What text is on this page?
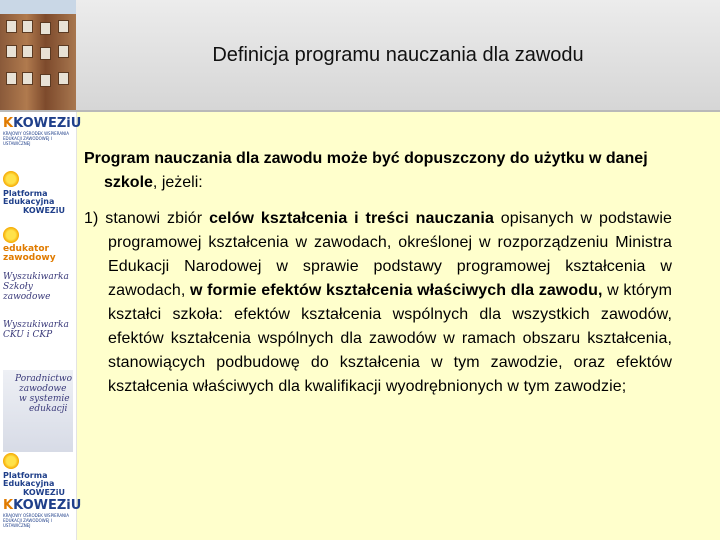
Definicja programu nauczania dla zawodu
KKOWEZiU
KRAJOWY OŚRODEK WSPIERANIA EDUKACJI ZAWODOWEJ I USTAWICZNEJ
Platforma
Edukacyjna
KOWEZiU
edukator
zawodowy
Wyszukiwarka
Szkoły zawodowe
Wyszukiwarka
CKU i CKP
Poradnictwo
zawodowe
w systemie
edukacji
Platforma
Edukacyjna
KOWEZiU
KKOWEZiU
KRAJOWY OŚRODEK WSPIERANIA EDUKACJI ZAWODOWEJ I USTAWICZNEJ

Program nauczania dla zawodu może być dopuszczony do użytku w danej szkole, jeżeli:

1) stanowi zbiór celów kształcenia i treści nauczania opisanych w podstawie programowej kształcenia w zawodach, określonej w rozporządzeniu Ministra Edukacji Narodowej w sprawie podstawy programowej kształcenia w zawodach, w formie efektów kształcenia właściwych dla zawodu, w którym kształci szkoła: efektów kształcenia wspólnych dla wszystkich zawodów, efektów kształcenia wspólnych dla zawodów w ramach obszaru kształcenia, stanowiących podbudowę do kształcenia w tym zawodzie, oraz efektów kształcenia właściwych dla kwalifikacji wyodrębnionych w tym zawodzie;
